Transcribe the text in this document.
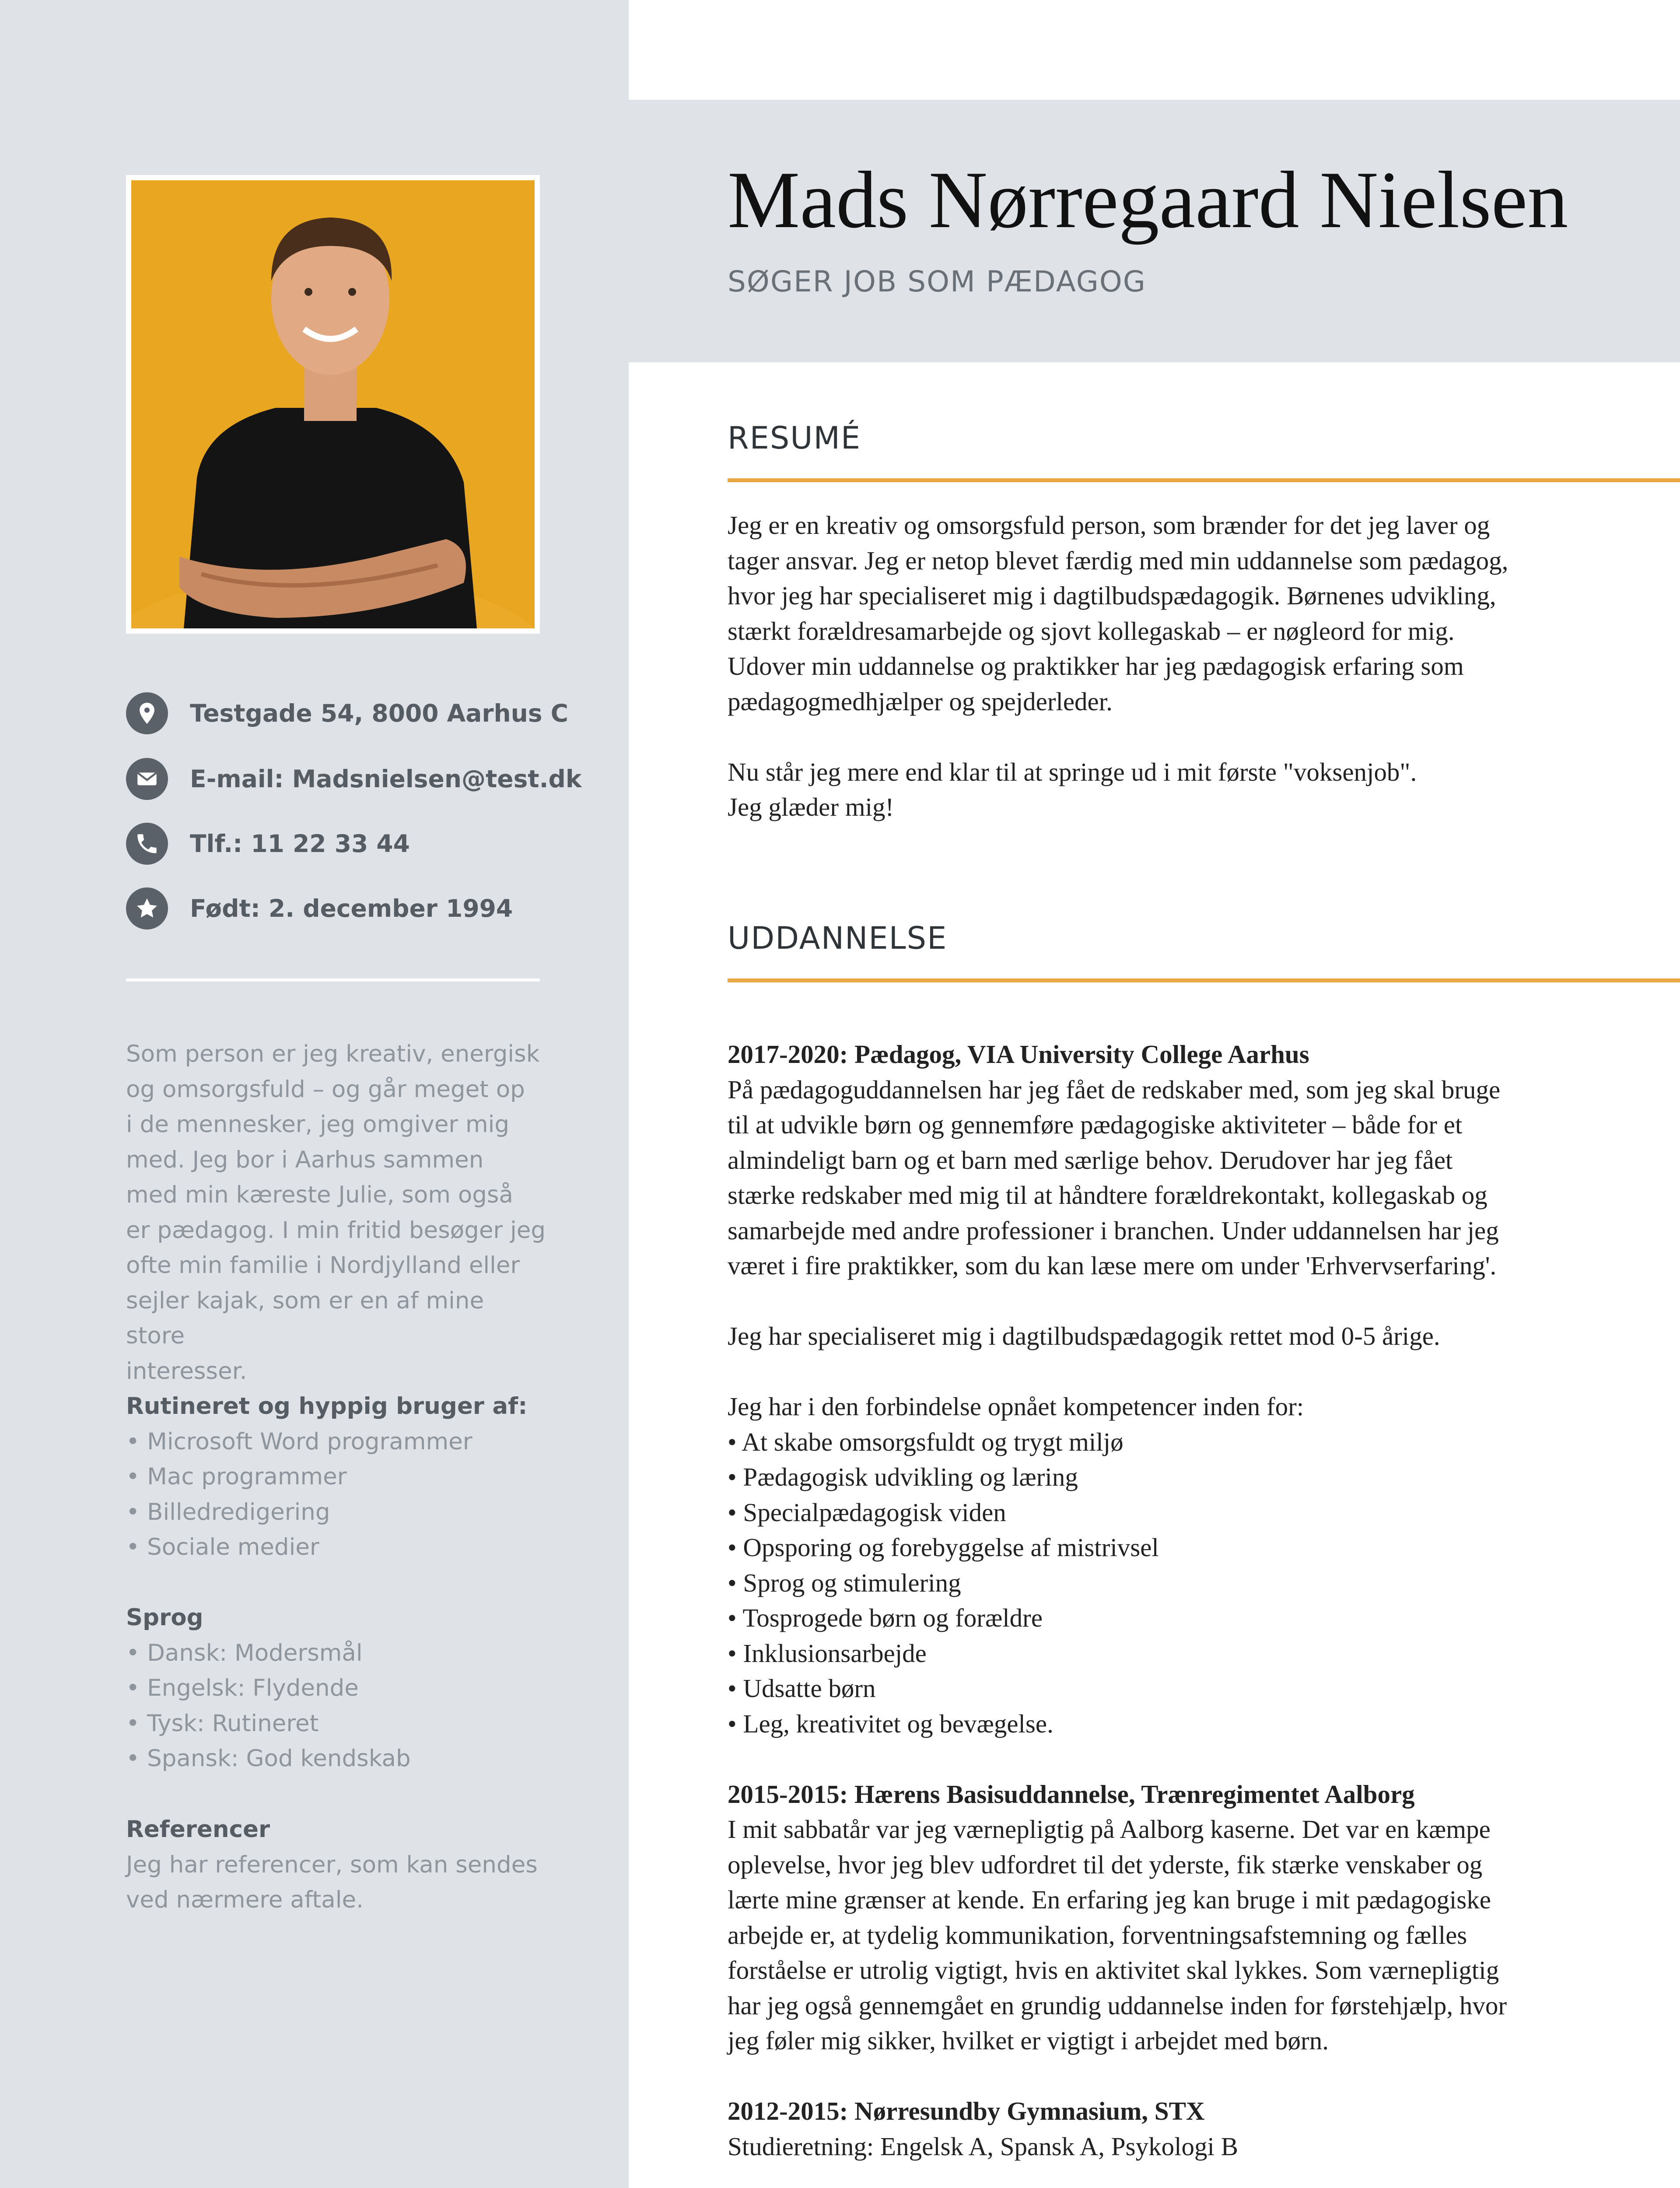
Testgade 54, 8000 Aarhus C
E-mail: Madsnielsen@test.dk
Tlf.: 11 22 33 44
Født: 2. december 1994
Som person er jeg kreativ, energisk
og omsorgsfuld – og går meget op
i de mennesker, jeg omgiver mig
med. Jeg bor i Aarhus sammen
med min kæreste Julie, som også
er pædagog. I min fritid besøger jeg
ofte min familie i Nordjylland eller
sejler kajak, som er en af mine store
interesser.
Rutineret og hyppig bruger af:
• Microsoft Word programmer
• Mac programmer
• Billedredigering
• Sociale medier
Sprog
• Dansk: Modersmål
• Engelsk: Flydende
• Tysk: Rutineret
• Spansk: God kendskab
Referencer
Jeg har referencer, som kan sendes
ved nærmere aftale.
Mads Nørregaard Nielsen
SØGER JOB SOM PÆDAGOG
RESUMÉ

Jeg er en kreativ og omsorgsfuld person, som brænder for det jeg laver og

tager ansvar. Jeg er netop blevet færdig med min uddannelse som pædagog,

hvor jeg har specialiseret mig i dagtilbudspædagogik. Børnenes udvikling,

stærkt forældresamarbejde og sjovt kollegaskab – er nøgleord for mig.

Udover min uddannelse og praktikker har jeg pædagogisk erfaring som

pædagogmedhjælper og spejderleder.

Nu står jeg mere end klar til at springe ud i mit første "voksenjob".

Jeg glæder mig!

UDDANNELSE

2017-2020: Pædagog, VIA University College Aarhus

På pædagoguddannelsen har jeg fået de redskaber med, som jeg skal bruge

til at udvikle børn og gennemføre pædagogiske aktiviteter – både for et

almindeligt barn og et barn med særlige behov. Derudover har jeg fået

stærke redskaber med mig til at håndtere forældrekontakt, kollegaskab og

samarbejde med andre professioner i branchen. Under uddannelsen har jeg

været i fire praktikker, som du kan læse mere om under 'Erhvervserfaring'.

Jeg har specialiseret mig i dagtilbudspædagogik rettet mod 0-5 årige.

Jeg har i den forbindelse opnået kompetencer inden for:

• At skabe omsorgsfuldt og trygt miljø
• Pædagogisk udvikling og læring
• Specialpædagogisk viden
• Opsporing og forebyggelse af mistrivsel
• Sprog og stimulering
• Tosprogede børn og forældre
• Inklusionsarbejde
• Udsatte børn
• Leg, kreativitet og bevægelse.

2015-2015: Hærens Basisuddannelse, Trænregimentet Aalborg

I mit sabbatår var jeg værnepligtig på Aalborg kaserne. Det var en kæmpe

oplevelse, hvor jeg blev udfordret til det yderste, fik stærke venskaber og

lærte mine grænser at kende. En erfaring jeg kan bruge i mit pædagogiske

arbejde er, at tydelig kommunikation, forventningsafstemning og fælles

forståelse er utrolig vigtigt, hvis en aktivitet skal lykkes. Som værnepligtig

har jeg også gennemgået en grundig uddannelse inden for førstehjælp, hvor

jeg føler mig sikker, hvilket er vigtigt i arbejdet med børn.

2012-2015: Nørresundby Gymnasium, STX

Studieretning: Engelsk A, Spansk A, Psykologi B
